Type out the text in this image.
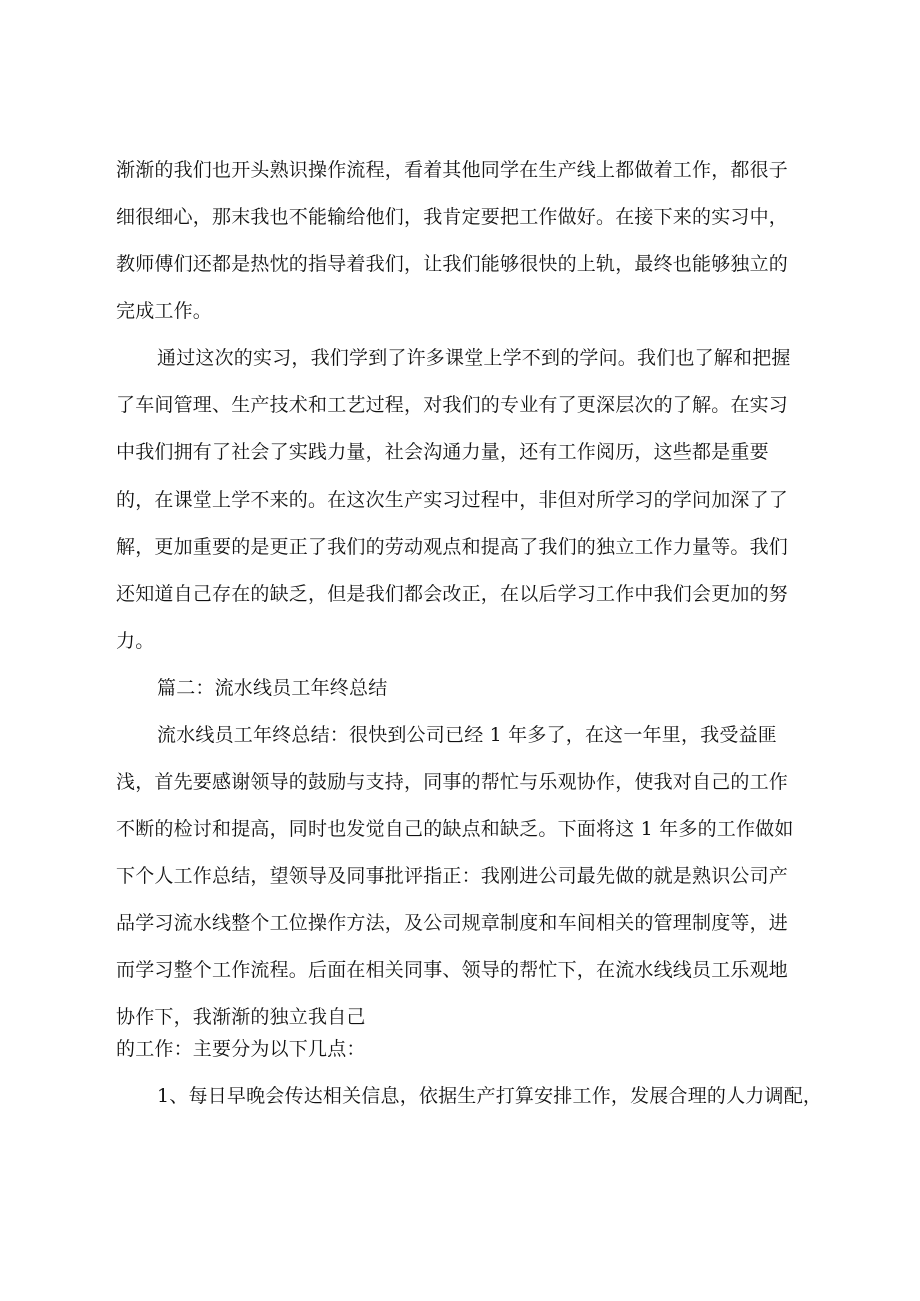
渐渐的我们也开头熟识操作流程，看着其他同学在生产线上都做着工作，都很子
细很细心，那末我也不能输给他们，我肯定要把工作做好。在接下来的实习中，
教师傅们还都是热忱的指导着我们，让我们能够很快的上轨，最终也能够独立的
完成工作。
通过这次的实习，我们学到了许多课堂上学不到的学问。我们也了解和把握
了车间管理、生产技术和工艺过程，对我们的专业有了更深层次的了解。在实习
中我们拥有了社会了实践力量，社会沟通力量，还有工作阅历，这些都是重要
的，在课堂上学不来的。在这次生产实习过程中，非但对所学习的学问加深了了
解，更加重要的是更正了我们的劳动观点和提高了我们的独立工作力量等。我们
还知道自己存在的缺乏，但是我们都会改正，在以后学习工作中我们会更加的努
力。
篇二：流水线员工年终总结
流水线员工年终总结：很快到公司已经 1 年多了，在这一年里，我受益匪
浅，首先要感谢领导的鼓励与支持，同事的帮忙与乐观协作，使我对自己的工作
不断的检讨和提高，同时也发觉自己的缺点和缺乏。下面将这 1 年多的工作做如
下个人工作总结，望领导及同事批评指正：我刚进公司最先做的就是熟识公司产
品学习流水线整个工位操作方法，及公司规章制度和车间相关的管理制度等，进
而学习整个工作流程。后面在相关同事、领导的帮忙下，在流水线线员工乐观地
协作下，我渐渐的独立我自己
的工作：主要分为以下几点：
1、每日早晚会传达相关信息，依据生产打算安排工作，发展合理的人力调配，
